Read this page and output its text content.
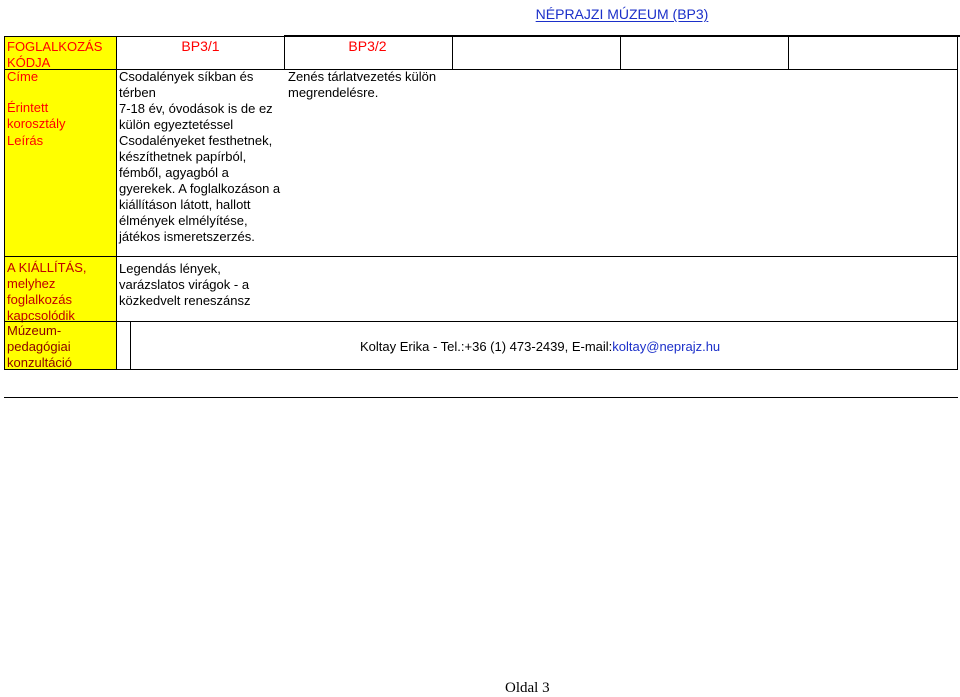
NÉPRAJZI MÚZEUM (BP3)
FOGLALKOZÁS KÓDJA
Címe
Érintett korosztály
Leírás
A KIÁLLÍTÁS, melyhez foglalkozás kapcsolódik
Múzeum-pedagógiai konzultáció
BP3/1	BP3/2
Csodalények síkban és térben
7-18 év, óvodások is de ez külön egyeztetéssel
Csodalényeket festhetnek, készíthetnek papírból, fémből, agyagból a gyerekek. A foglalkozáson a kiállításon látott, hallott élmények elmélyítése, játékos ismeretszerzés.
Legendás lények, varázslatos virágok - a közkedvelt reneszánsz
Zenés tárlatvezetés külön megrendelésre.
Koltay Erika - Tel.:+36 (1) 473-2439, E-mail:koltay@neprajz.hu
Oldal 3
